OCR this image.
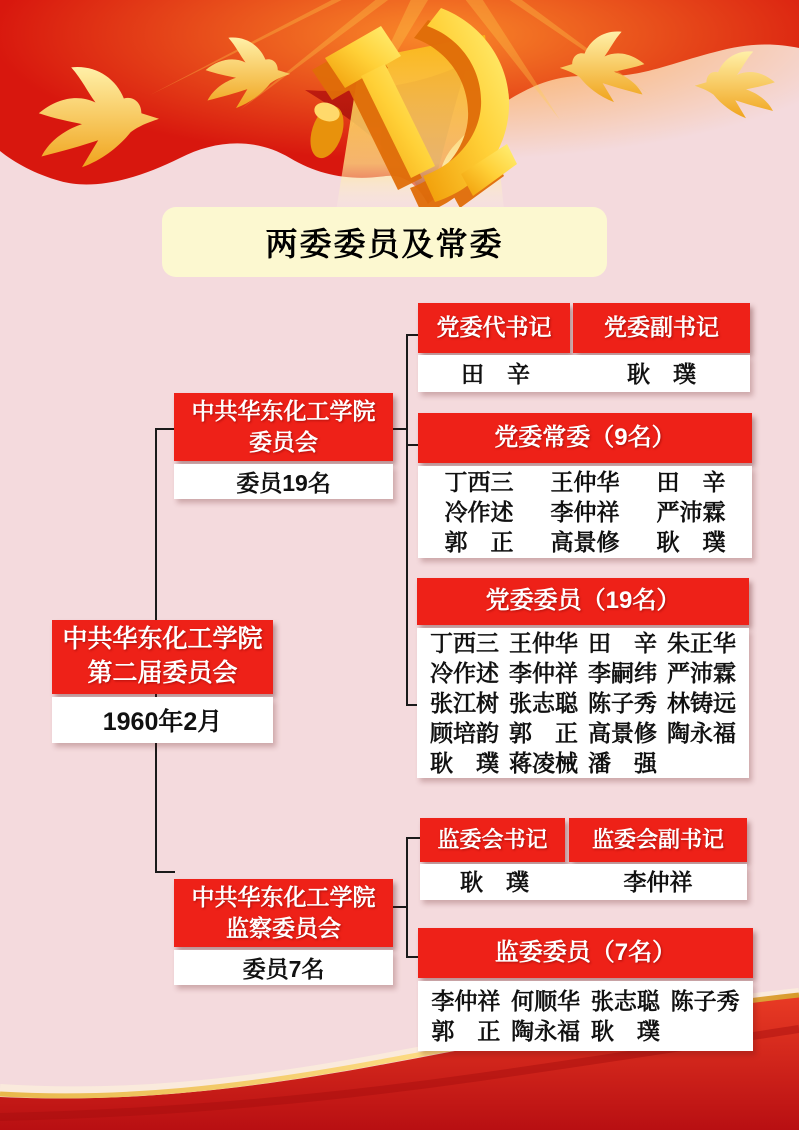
两委委员及常委
中共华东化工学院
第二届委员会
1960年2月
中共华东化工学院
委员会
委员19名
中共华东化工学院
监察委员会
委员7名
党委代书记	党委副书记
田　辛	耿　璞
党委常委（9名）
丁西三	王仲华	田　辛
冷作述	李仲祥	严沛霖
郭　正	高景修	耿　璞
党委委员（19名）
丁西三 王仲华 田　辛 朱正华
冷作述 李仲祥 李嗣纬 严沛霖
张江树 张志聪 陈子秀 林铸远
顾培韵 郭　正 高景修 陶永福
耿　璞 蒋凌械 潘　强
监委会书记	监委会副书记
耿　璞	李仲祥
监委委员（7名）
李仲祥 何顺华 张志聪 陈子秀
郭　正 陶永福 耿　璞
